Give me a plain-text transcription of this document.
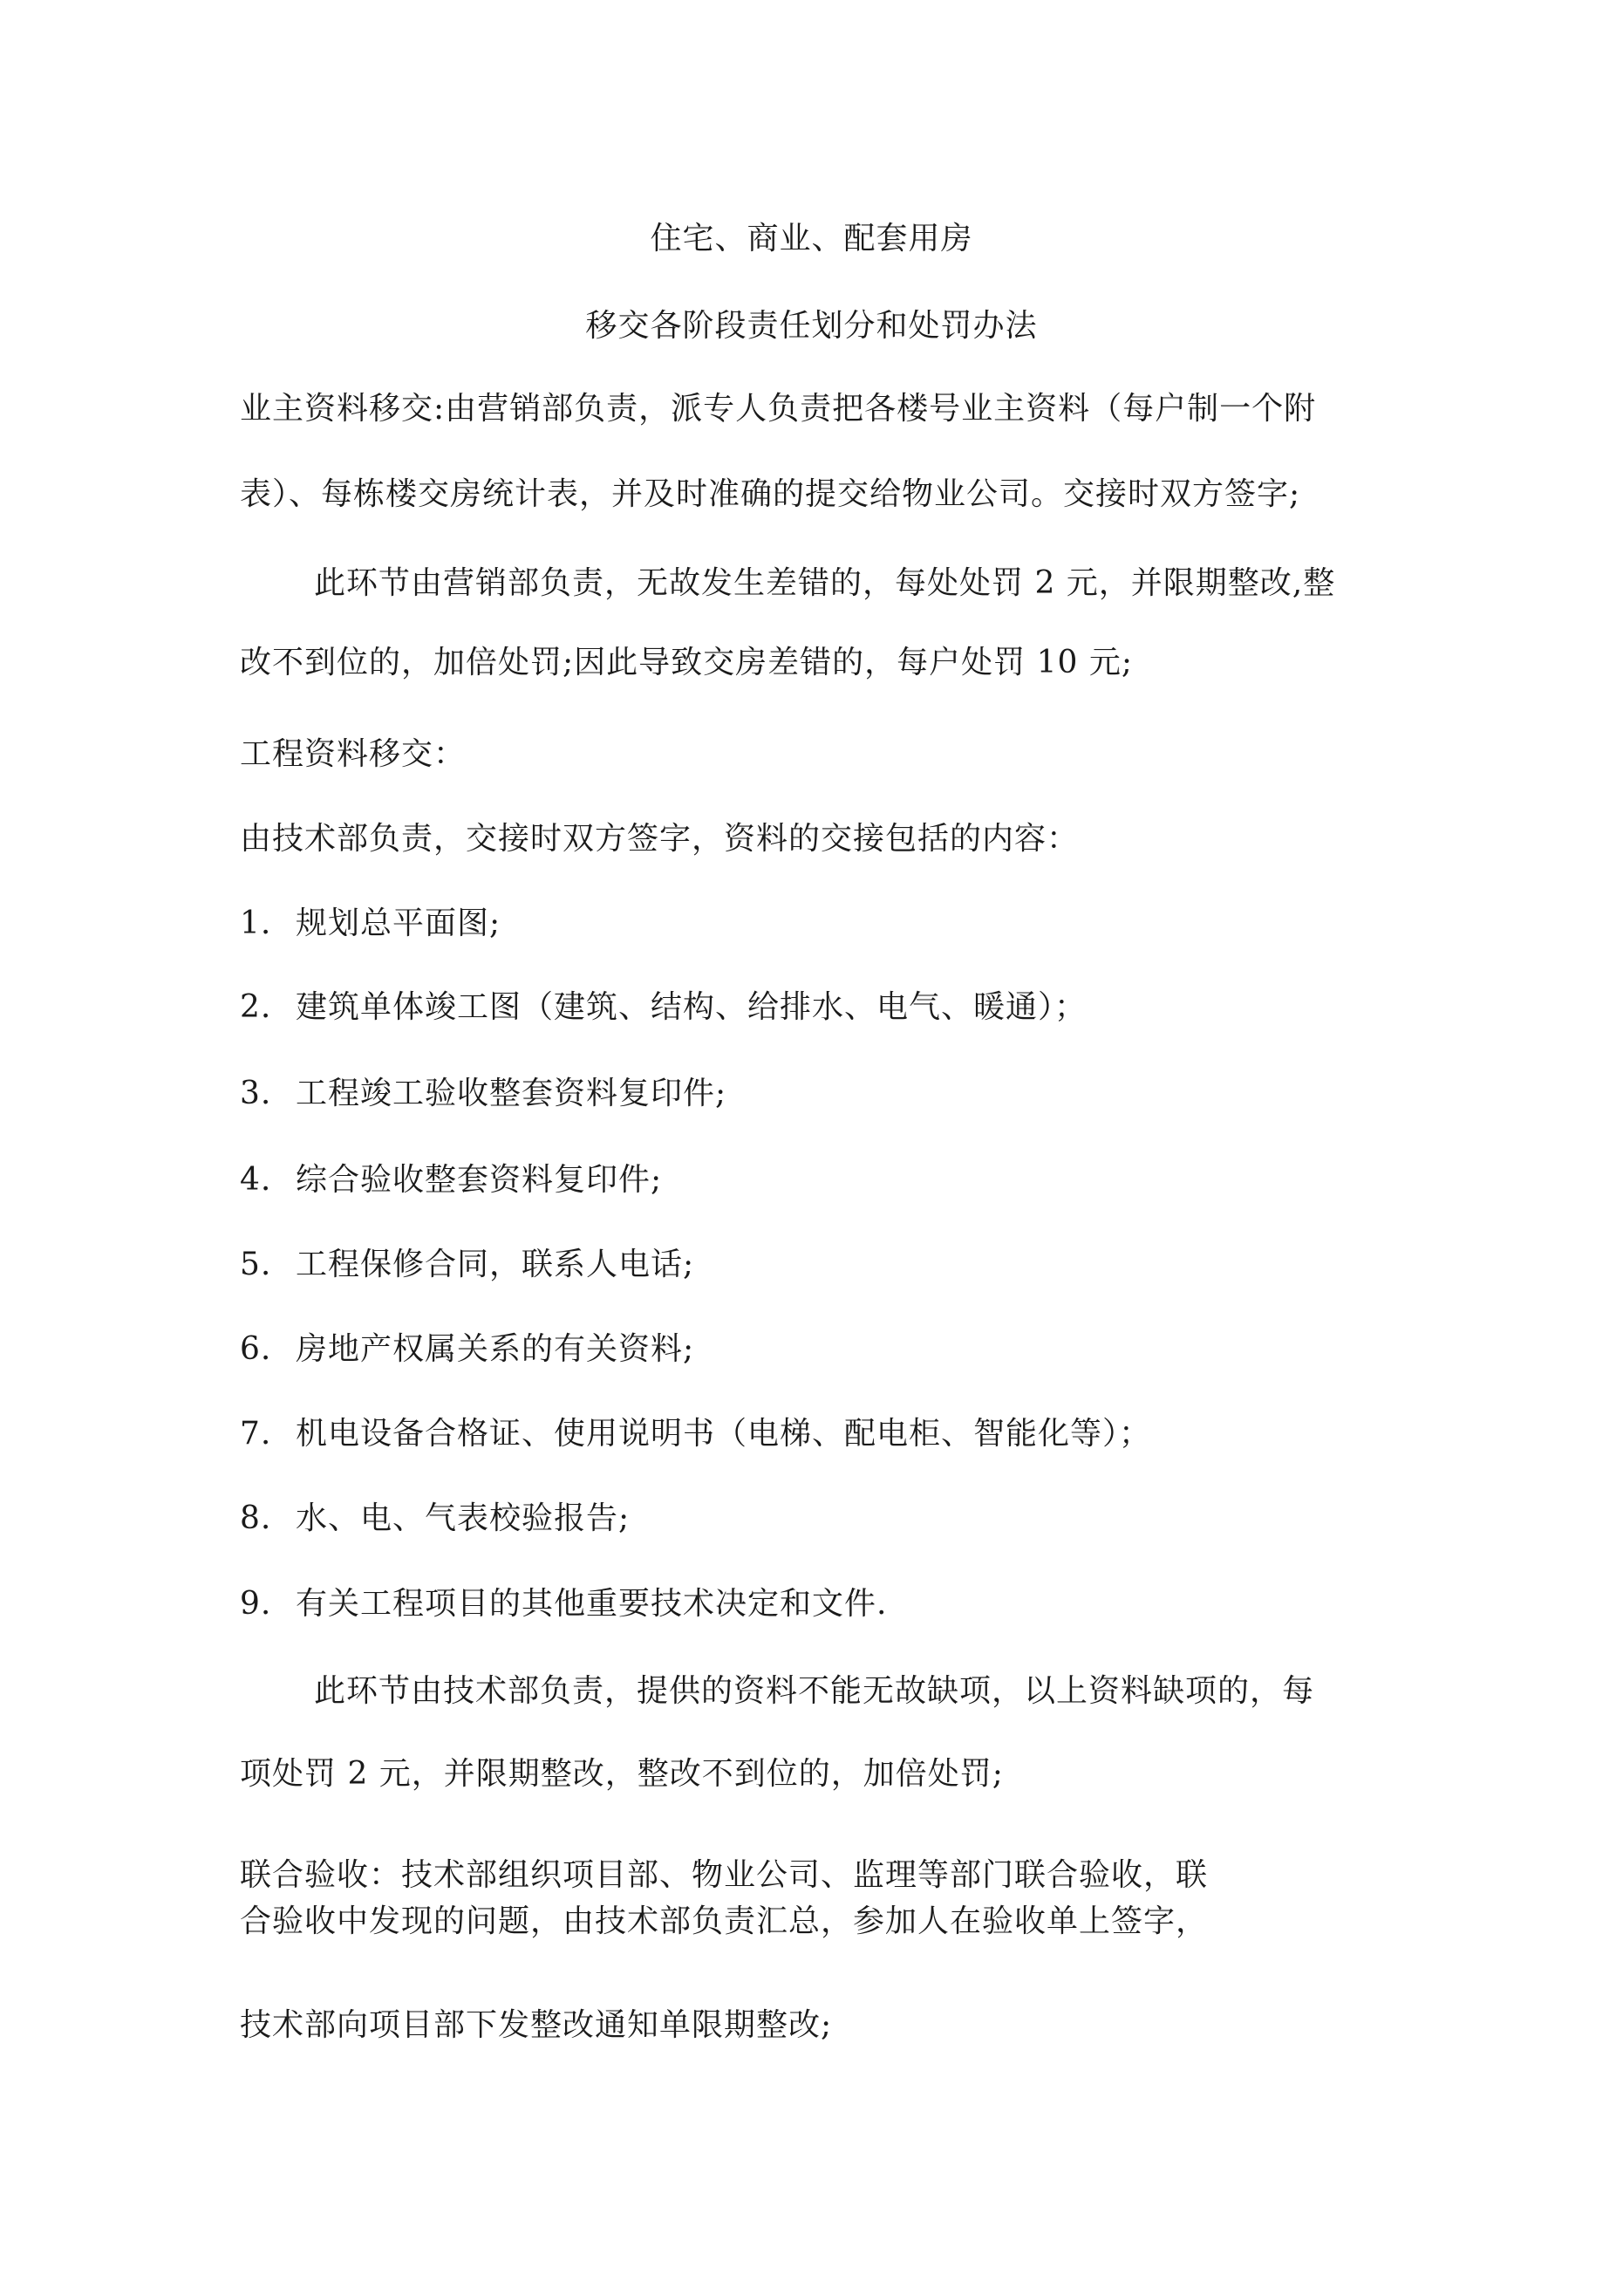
住宅、商业、配套用房
移交各阶段责任划分和处罚办法
业主资料移交:由营销部负责，派专人负责把各楼号业主资料（每户制一个附
表）、每栋楼交房统计表，并及时准确的提交给物业公司。交接时双方签字;
此环节由营销部负责，无故发生差错的，每处处罚 2 元，并限期整改,整
改不到位的，加倍处罚;因此导致交房差错的，每户处罚 10 元;
工程资料移交：
由技术部负责，交接时双方签字，资料的交接包括的内容：
1. 规划总平面图;
2. 建筑单体竣工图（建筑、结构、给排水、电气、暖通）；
3. 工程竣工验收整套资料复印件;
4. 综合验收整套资料复印件;
5. 工程保修合同，联系人电话;
6. 房地产权属关系的有关资料;
7. 机电设备合格证、使用说明书（电梯、配电柜、智能化等）；
8. 水、电、气表校验报告;
9. 有关工程项目的其他重要技术决定和文件.
此环节由技术部负责，提供的资料不能无故缺项，以上资料缺项的，每
项处罚 2 元，并限期整改，整改不到位的，加倍处罚;
联合验收：技术部组织项目部、物业公司、监理等部门联合验收，联
合验收中发现的问题，由技术部负责汇总，参加人在验收单上签字，
技术部向项目部下发整改通知单限期整改;
